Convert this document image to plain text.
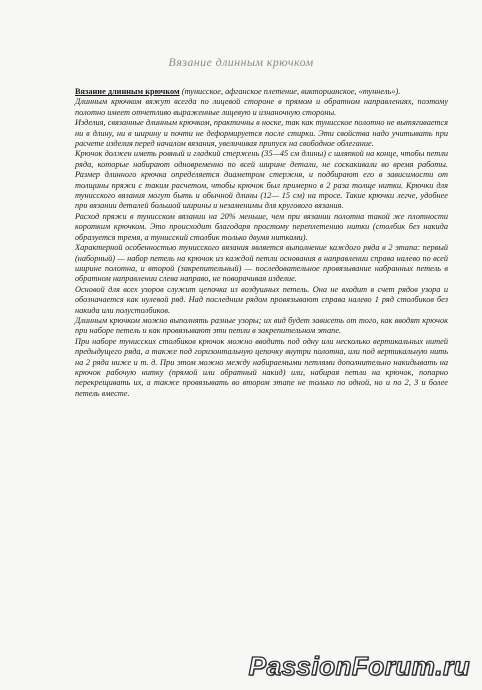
Вязание длинным крючком

Вязание длинным крючком (тунисское, афганское плетение, викторианское, «туннель»).

Длинным крючком вяжут всегда по лицевой стороне в прямом и обратном направлениях, поэтому полотно имеет отчетливо выраженные лицевую и изнаночную стороны.

Изделия, связанные длинным крючком, практичны в носке, так как тунисское полотно не вытягивается ни в длину, ни в ширину и почти не деформируется после стирки. Эти свойства надо учитывать при расчете изделия перед началом вязания, увеличивая припуск на свободное облегание.

Крючок должен иметь ровный и гладкий стержень (35—45 см длины) с шляпкой на конце, чтобы петли ряда, которые набирают одновременно по всей ширине детали, не соскакивали во время работы. Размер длинного крючка определяется диаметром стержня, и подбирают его в зависимости от толщины пряжи с таким расчетом, чтобы крючок был примерно в 2 раза толще нитки. Крючки для тунисского вязания могут быть и обычной длины (12— 15 см) на тросе. Такие крючки легче, удобнее при вязании деталей большой ширины и незаменимы для кругового вязания.

Расход пряжи в тунисском вязании на 20% меньше, чем при вязании полотна такой же плотности коротким крючком. Это происходит благодаря простому переплетению нитки (столбик без накида образуется тремя, а тунисский столбик только двумя нитками).

Характерной особенностью тунисского вязания является выполнение каждого ряда в 2 этапа: первый (наборный) — набор петель на крючок из каждой петли основания в направлении справа налево по всей ширине полотна, и второй (закрепительный) — последовательное провязывание набранных петель в обратном направлении слева направо, не поворачивая изделие.

Основой для всех узоров служит цепочка из воздушных петель. Она не входит в счет рядов узора и обозначается как нулевой ряд. Над последним рядом провязывают справа налево 1 ряд столбиков без накида или полустолбиков.

Длинным крючком можно выполнять разные узоры; их вид будет зависеть от того, как вводят крючок при наборе петель и как провязывают эти петли в закрепительном этапе.

При наборе тунисских столбиков крючок можно вводить под одну или несколько вертикальных нитей предыдущего ряда, а также под горизонтальную цепочку внутри полотна, или под вертикальную нить на 2 ряда ниже и т. д. При этом можно между набираемыми петлями дополнительно накидывать на крючок рабочую нитку (прямой или обратный накид) или, набирая петли на крючок, попарно перекрещивать их, а также провязывать во втором этапе не только по одной, но и по 2, 3 и более петель вместе.

PassionForum.ru
